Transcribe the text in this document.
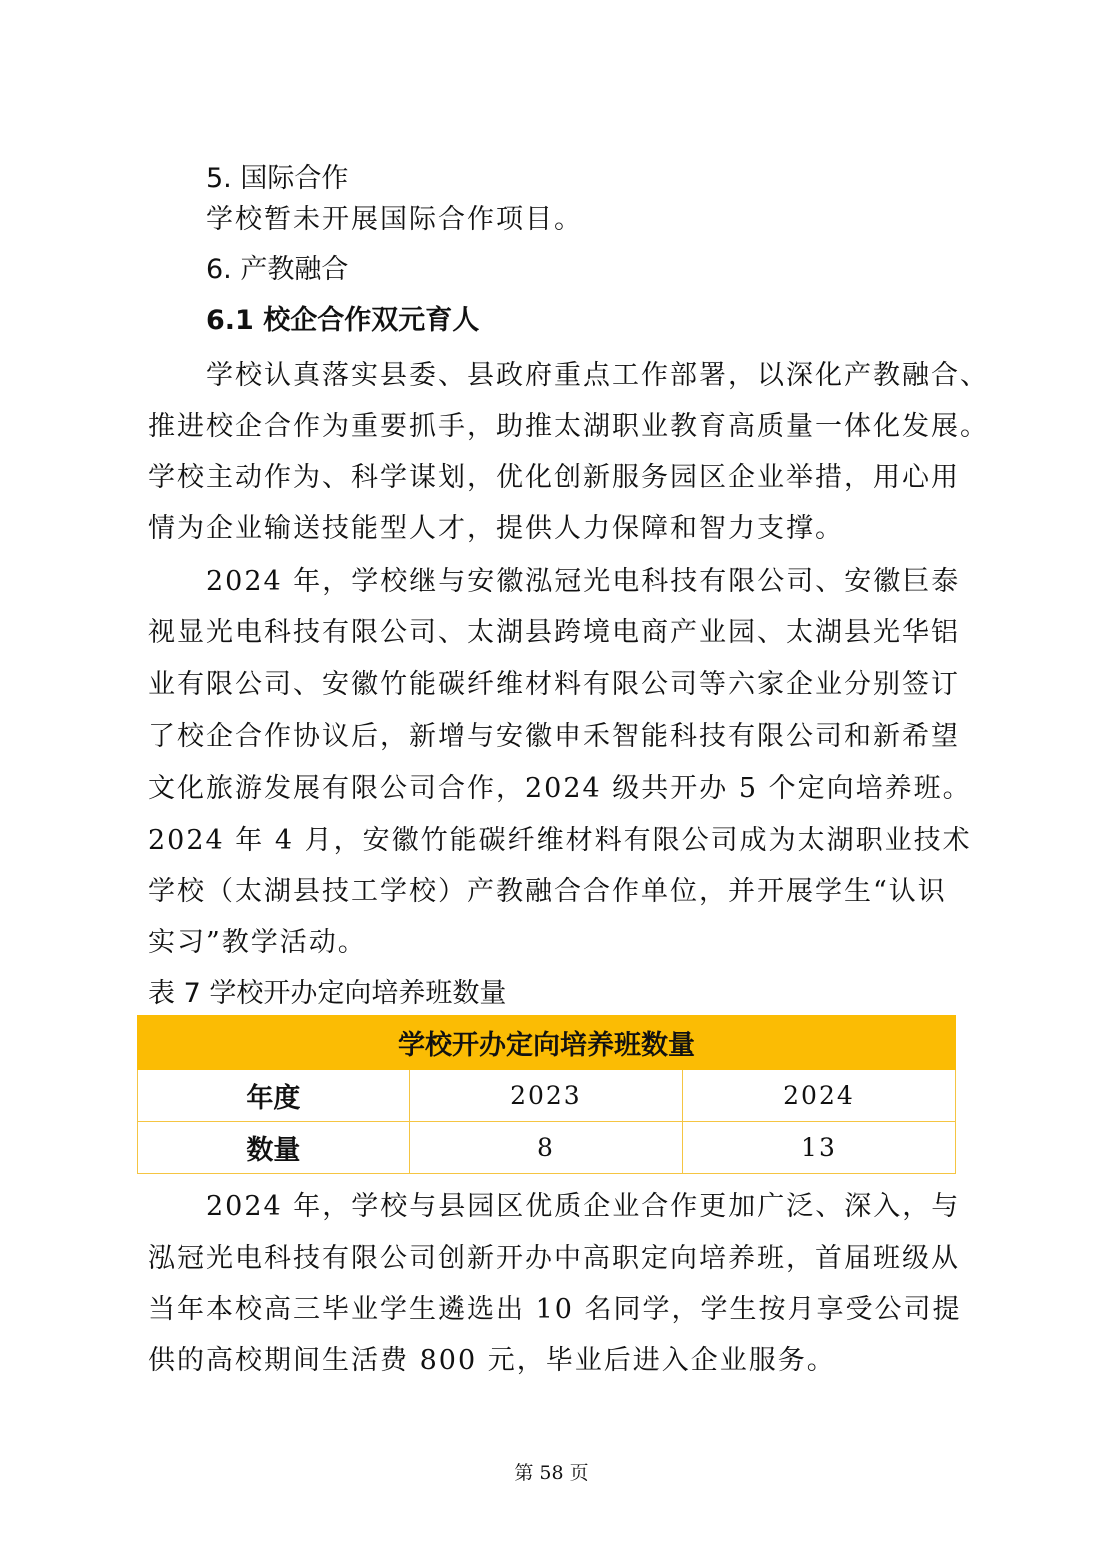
5. 国际合作
学校暂未开展国际合作项目。
6. 产教融合
6.1 校企合作双元育人
学校认真落实县委、县政府重点工作部署，以深化产教融合、
推进校企合作为重要抓手，助推太湖职业教育高质量一体化发展。
学校主动作为、科学谋划，优化创新服务园区企业举措，用心用
情为企业输送技能型人才，提供人力保障和智力支撑。
2024 年，学校继与安徽泓冠光电科技有限公司、安徽巨泰
视显光电科技有限公司、太湖县跨境电商产业园、太湖县光华铝
业有限公司、安徽竹能碳纤维材料有限公司等六家企业分别签订
了校企合作协议后，新增与安徽申禾智能科技有限公司和新希望
文化旅游发展有限公司合作，2024 级共开办 5 个定向培养班。
2024 年 4 月，安徽竹能碳纤维材料有限公司成为太湖职业技术
学校（太湖县技工学校）产教融合合作单位，并开展学生“认识
实习”教学活动。
表 7 学校开办定向培养班数量
学校开办定向培养班数量		
年度	2023	2024
数量	8	13
2024 年，学校与县园区优质企业合作更加广泛、深入，与
泓冠光电科技有限公司创新开办中高职定向培养班，首届班级从
当年本校高三毕业学生遴选出 10 名同学，学生按月享受公司提
供的高校期间生活费 800 元，毕业后进入企业服务。
第 58 页
